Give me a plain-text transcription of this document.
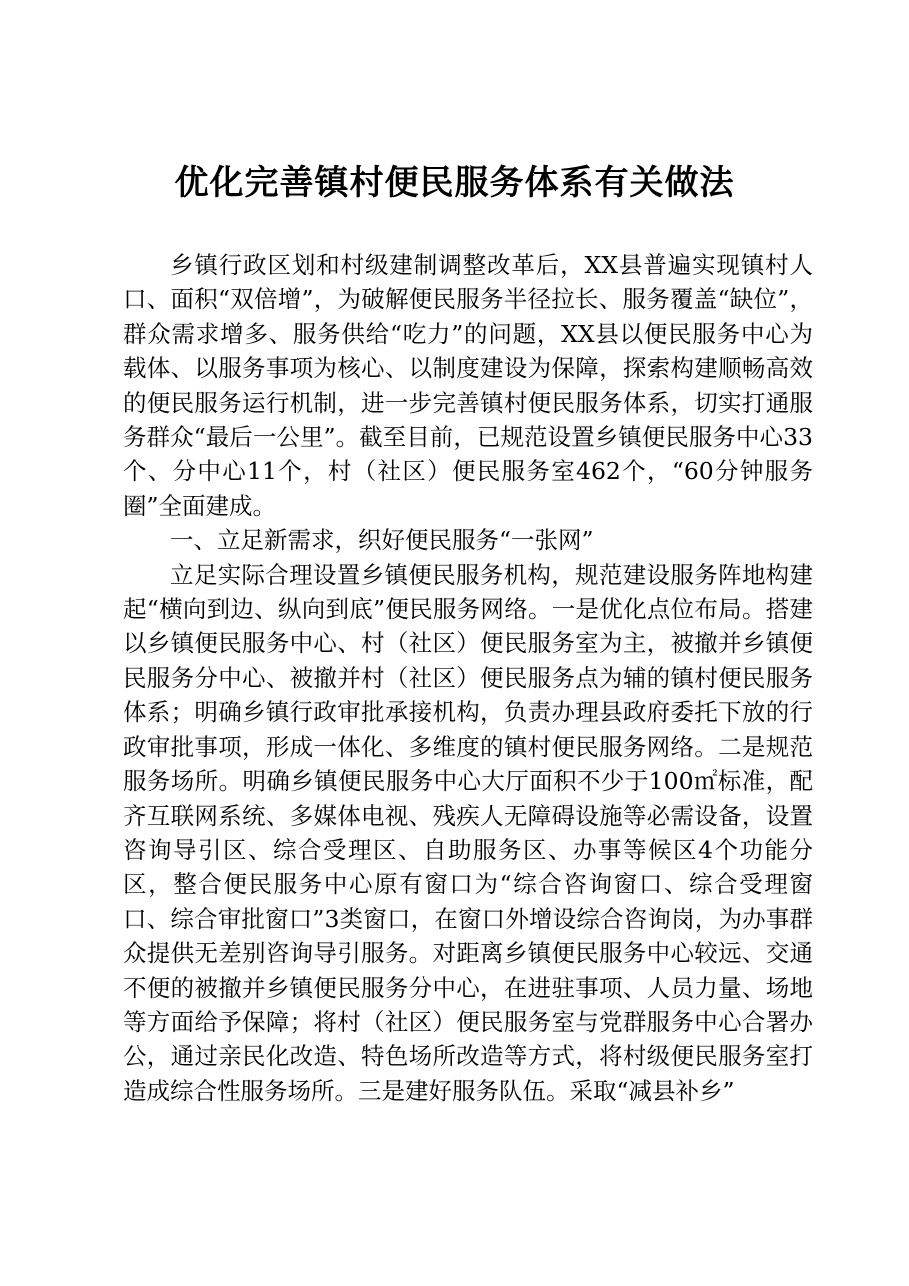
优化完善镇村便民服务体系有关做法

乡镇行政区划和村级建制调整改革后，XX县普遍实现镇村人口、面积“双倍增”，为破解便民服务半径拉长、服务覆盖“缺位”，群众需求增多、服务供给“吃力”的问题，XX县以便民服务中心为载体、以服务事项为核心、以制度建设为保障，探索构建顺畅高效的便民服务运行机制，进一步完善镇村便民服务体系，切实打通服务群众“最后一公里”。截至目前，已规范设置乡镇便民服务中心33个、分中心11个，村（社区）便民服务室462个，“60分钟服务圈”全面建成。

一、立足新需求，织好便民服务“一张网”

立足实际合理设置乡镇便民服务机构，规范建设服务阵地构建起“横向到边、纵向到底”便民服务网络。一是优化点位布局。搭建以乡镇便民服务中心、村（社区）便民服务室为主，被撤并乡镇便民服务分中心、被撤并村（社区）便民服务点为辅的镇村便民服务体系；明确乡镇行政审批承接机构，负责办理县政府委托下放的行政审批事项，形成一体化、多维度的镇村便民服务网络。二是规范服务场所。明确乡镇便民服务中心大厅面积不少于100㎡标准，配齐互联网系统、多媒体电视、残疾人无障碍设施等必需设备，设置咨询导引区、综合受理区、自助服务区、办事等候区4个功能分区，整合便民服务中心原有窗口为“综合咨询窗口、综合受理窗口、综合审批窗口”3类窗口，在窗口外增设综合咨询岗，为办事群众提供无差别咨询导引服务。对距离乡镇便民服务中心较远、交通不便的被撤并乡镇便民服务分中心，在进驻事项、人员力量、场地等方面给予保障；将村（社区）便民服务室与党群服务中心合署办公，通过亲民化改造、特色场所改造等方式，将村级便民服务室打造成综合性服务场所。三是建好服务队伍。采取“减县补乡”
